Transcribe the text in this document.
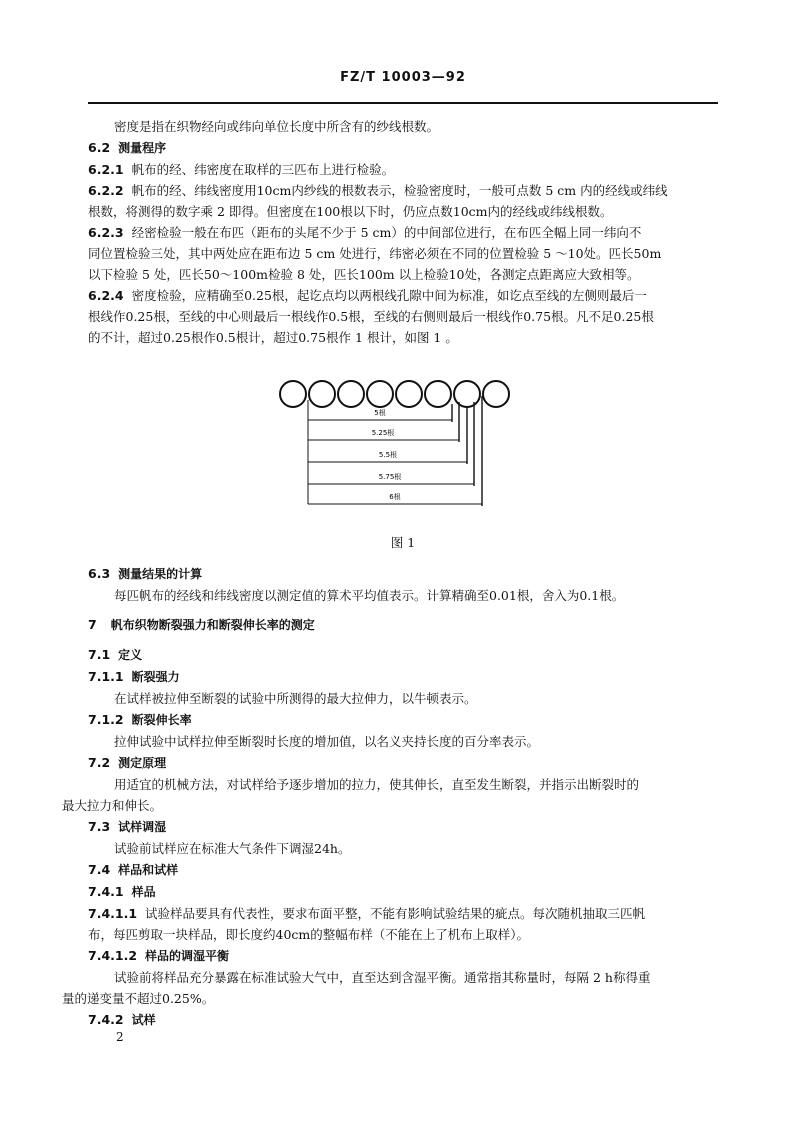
FZ/T 10003—92

密度是指在织物经向或纬向单位长度中所含有的纱线根数。

6.2 测量程序

6.2.1 帆布的经、纬密度在取样的三匹布上进行检验。

6.2.2 帆布的经、纬线密度用10cm内纱线的根数表示，检验密度时，一般可点数 5 cm 内的经线或纬线
根数，将测得的数字乘 2 即得。但密度在100根以下时，仍应点数10cm内的经线或纬线根数。

6.2.3 经密检验一般在布匹（距布的头尾不少于 5 cm）的中间部位进行，在布匹全幅上同一纬向不
同位置检验三处，其中两处应在距布边 5 cm 处进行，纬密必须在不同的位置检验 5 ～10处。匹长50m
以下检验 5 处，匹长50～100m检验 8 处，匹长100m 以上检验10处，各测定点距离应大致相等。

6.2.4 密度检验，应精确至0.25根，起讫点均以两根线孔隙中间为标准，如讫点至线的左侧则最后一
根线作0.25根，至线的中心则最后一根线作0.5根，至线的右侧则最后一根线作0.75根。凡不足0.25根
的不计，超过0.25根作0.5根计，超过0.75根作 1 根计，如图 1 。

5根
5.25根
5.5根
5.75根
6根
图 1

6.3 测量结果的计算

每匹帆布的经线和纬线密度以测定值的算术平均值表示。计算精确至0.01根，舍入为0.1根。

7 帆布织物断裂强力和断裂伸长率的测定

7.1 定义

7.1.1 断裂强力

在试样被拉伸至断裂的试验中所测得的最大拉伸力，以牛顿表示。

7.1.2 断裂伸长率

拉伸试验中试样拉伸至断裂时长度的增加值，以名义夹持长度的百分率表示。

7.2 测定原理

用适宜的机械方法，对试样给予逐步增加的拉力，使其伸长，直至发生断裂，并指示出断裂时的
最大拉力和伸长。

7.3 试样调湿

试验前试样应在标准大气条件下调湿24h。

7.4 样品和试样

7.4.1 样品

7.4.1.1 试验样品要具有代表性，要求布面平整，不能有影响试验结果的疵点。每次随机抽取三匹帆
布，每匹剪取一块样品，即长度约40cm的整幅布样（不能在上了机布上取样）。

7.4.1.2 样品的调湿平衡

试验前将样品充分暴露在标准试验大气中，直至达到含湿平衡。通常指其称量时，每隔 2 h称得重
量的递变量不超过0.25%。

7.4.2 试样

2
